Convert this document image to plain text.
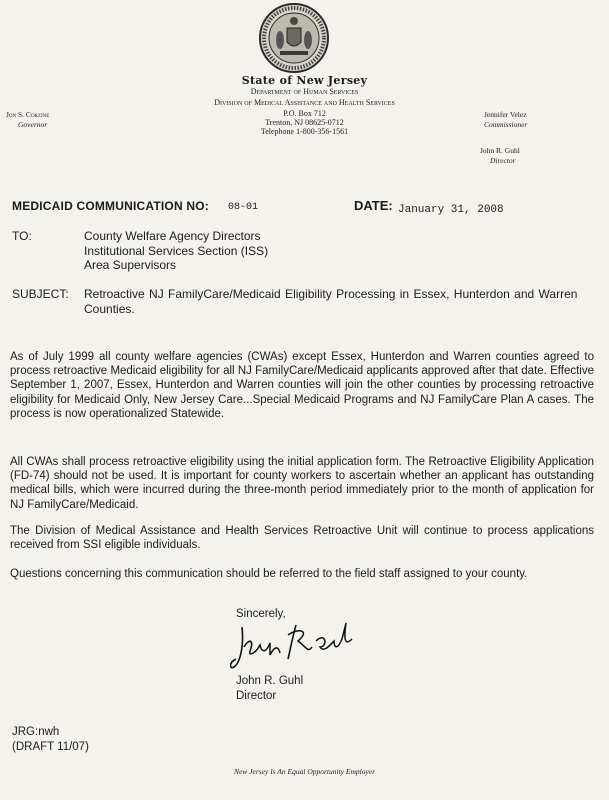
State of New Jersey
Department of Human Services
Division of Medical Assistance and Health Services
P.O. Box 712
Trenton, NJ 08625-0712
Telephone 1-800-356-1561
Jon S. Corzine
Governor
Jennifer Velez
Commissioner
John R. Guhl
Director
MEDICAID COMMUNICATION NO: 08-01	DATE: January 31, 2008
TO:	County Welfare Agency Directors
Institutional Services Section (ISS)
Area Supervisors
SUBJECT: Retroactive NJ FamilyCare/Medicaid Eligibility Processing in Essex, Hunterdon and Warren Counties.
As of July 1999 all county welfare agencies (CWAs) except Essex, Hunterdon and Warren counties agreed to process retroactive Medicaid eligibility for all NJ FamilyCare/Medicaid applicants approved after that date. Effective September 1, 2007, Essex, Hunterdon and Warren counties will join the other counties by processing retroactive eligibility for Medicaid Only, New Jersey Care...Special Medicaid Programs and NJ FamilyCare Plan A cases. The process is now operationalized Statewide.
All CWAs shall process retroactive eligibility using the initial application form. The Retroactive Eligibility Application (FD-74) should not be used. It is important for county workers to ascertain whether an applicant has outstanding medical bills, which were incurred during the three-month period immediately prior to the month of application for NJ FamilyCare/Medicaid.
The Division of Medical Assistance and Health Services Retroactive Unit will continue to process applications received from SSI eligible individuals.
Questions concerning this communication should be referred to the field staff assigned to your county.
Sincerely,
John R. Guhl
Director
JRG:nwh
(DRAFT 11/07)
New Jersey Is An Equal Opportunity Employer
